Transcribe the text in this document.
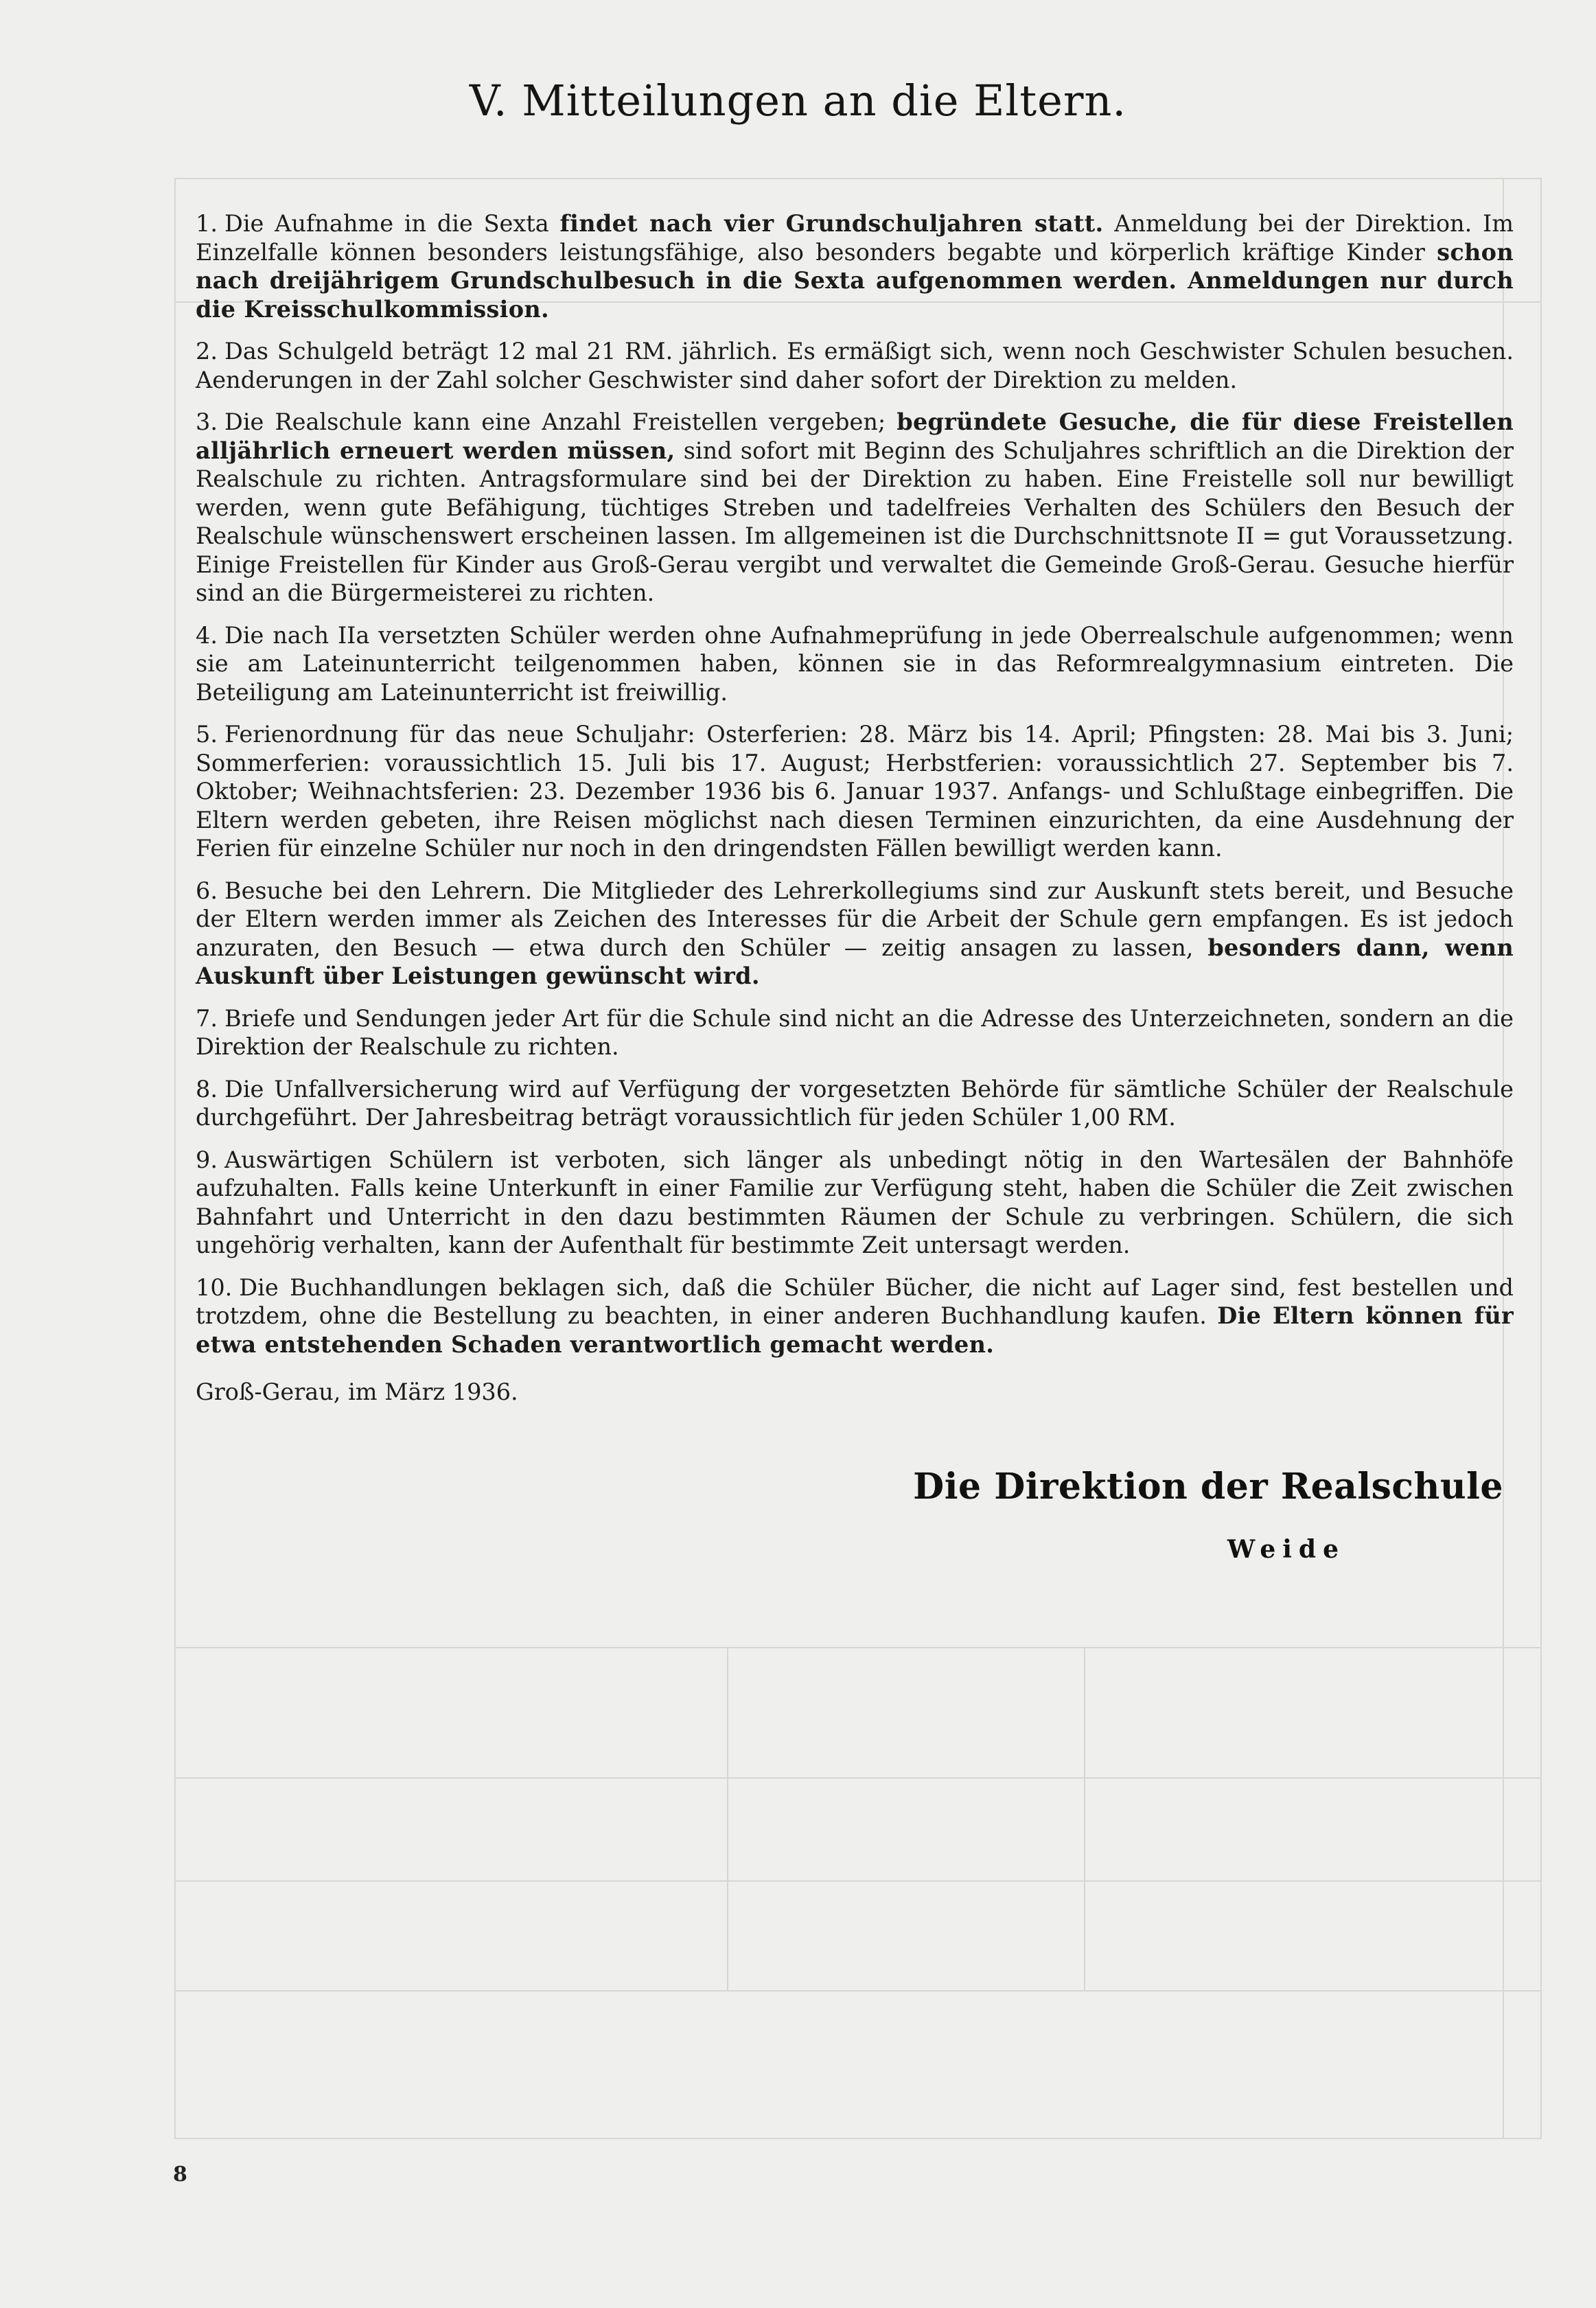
V. Mitteilungen an die Eltern.

1. Die Aufnahme in die Sexta findet nach vier Grundschuljahren statt. Anmeldung bei der Direktion. Im Einzelfalle können besonders leistungsfähige, also besonders begabte und körperlich kräftige Kinder schon nach dreijährigem Grundschulbesuch in die Sexta aufgenommen werden. Anmeldungen nur durch die Kreisschulkommission.

2. Das Schulgeld beträgt 12 mal 21 RM. jährlich. Es ermäßigt sich, wenn noch Geschwister Schulen besuchen. Aenderungen in der Zahl solcher Geschwister sind daher sofort der Direktion zu melden.

3. Die Realschule kann eine Anzahl Freistellen vergeben; begründete Gesuche, die für diese Freistellen alljährlich erneuert werden müssen, sind sofort mit Beginn des Schuljahres schriftlich an die Direktion der Realschule zu richten. Antragsformulare sind bei der Direktion zu haben. Eine Freistelle soll nur bewilligt werden, wenn gute Befähigung, tüchtiges Streben und tadelfreies Verhalten des Schülers den Besuch der Realschule wünschenswert erscheinen lassen. Im allgemeinen ist die Durchschnittsnote II = gut Voraussetzung. Einige Freistellen für Kinder aus Groß-Gerau vergibt und verwaltet die Gemeinde Groß-Gerau. Gesuche hierfür sind an die Bürgermeisterei zu richten.

4. Die nach IIa versetzten Schüler werden ohne Aufnahmeprüfung in jede Oberrealschule aufgenommen; wenn sie am Lateinunterricht teilgenommen haben, können sie in das Reformrealgymnasium eintreten. Die Beteiligung am Lateinunterricht ist freiwillig.

5. Ferienordnung für das neue Schuljahr: Osterferien: 28. März bis 14. April; Pfingsten: 28. Mai bis 3. Juni; Sommerferien: voraussichtlich 15. Juli bis 17. August; Herbstferien: voraussichtlich 27. September bis 7. Oktober; Weihnachtsferien: 23. Dezember 1936 bis 6. Januar 1937. Anfangs- und Schlußtage einbegriffen. Die Eltern werden gebeten, ihre Reisen möglichst nach diesen Terminen einzurichten, da eine Ausdehnung der Ferien für einzelne Schüler nur noch in den dringendsten Fällen bewilligt werden kann.

6. Besuche bei den Lehrern. Die Mitglieder des Lehrerkollegiums sind zur Auskunft stets bereit, und Besuche der Eltern werden immer als Zeichen des Interesses für die Arbeit der Schule gern empfangen. Es ist jedoch anzuraten, den Besuch — etwa durch den Schüler — zeitig ansagen zu lassen, besonders dann, wenn Auskunft über Leistungen gewünscht wird.

7. Briefe und Sendungen jeder Art für die Schule sind nicht an die Adresse des Unterzeichneten, sondern an die Direktion der Realschule zu richten.

8. Die Unfallversicherung wird auf Verfügung der vorgesetzten Behörde für sämtliche Schüler der Realschule durchgeführt. Der Jahresbeitrag beträgt voraussichtlich für jeden Schüler 1,00 RM.

9. Auswärtigen Schülern ist verboten, sich länger als unbedingt nötig in den Wartesälen der Bahnhöfe aufzuhalten. Falls keine Unterkunft in einer Familie zur Verfügung steht, haben die Schüler die Zeit zwischen Bahnfahrt und Unterricht in den dazu bestimmten Räumen der Schule zu verbringen. Schülern, die sich ungehörig verhalten, kann der Aufenthalt für bestimmte Zeit untersagt werden.

10. Die Buchhandlungen beklagen sich, daß die Schüler Bücher, die nicht auf Lager sind, fest bestellen und trotzdem, ohne die Bestellung zu beachten, in einer anderen Buchhandlung kaufen. Die Eltern können für etwa entstehenden Schaden verantwortlich gemacht werden.

Groß-Gerau, im März 1936.
Die Direktion der Realschule
Weide
8
